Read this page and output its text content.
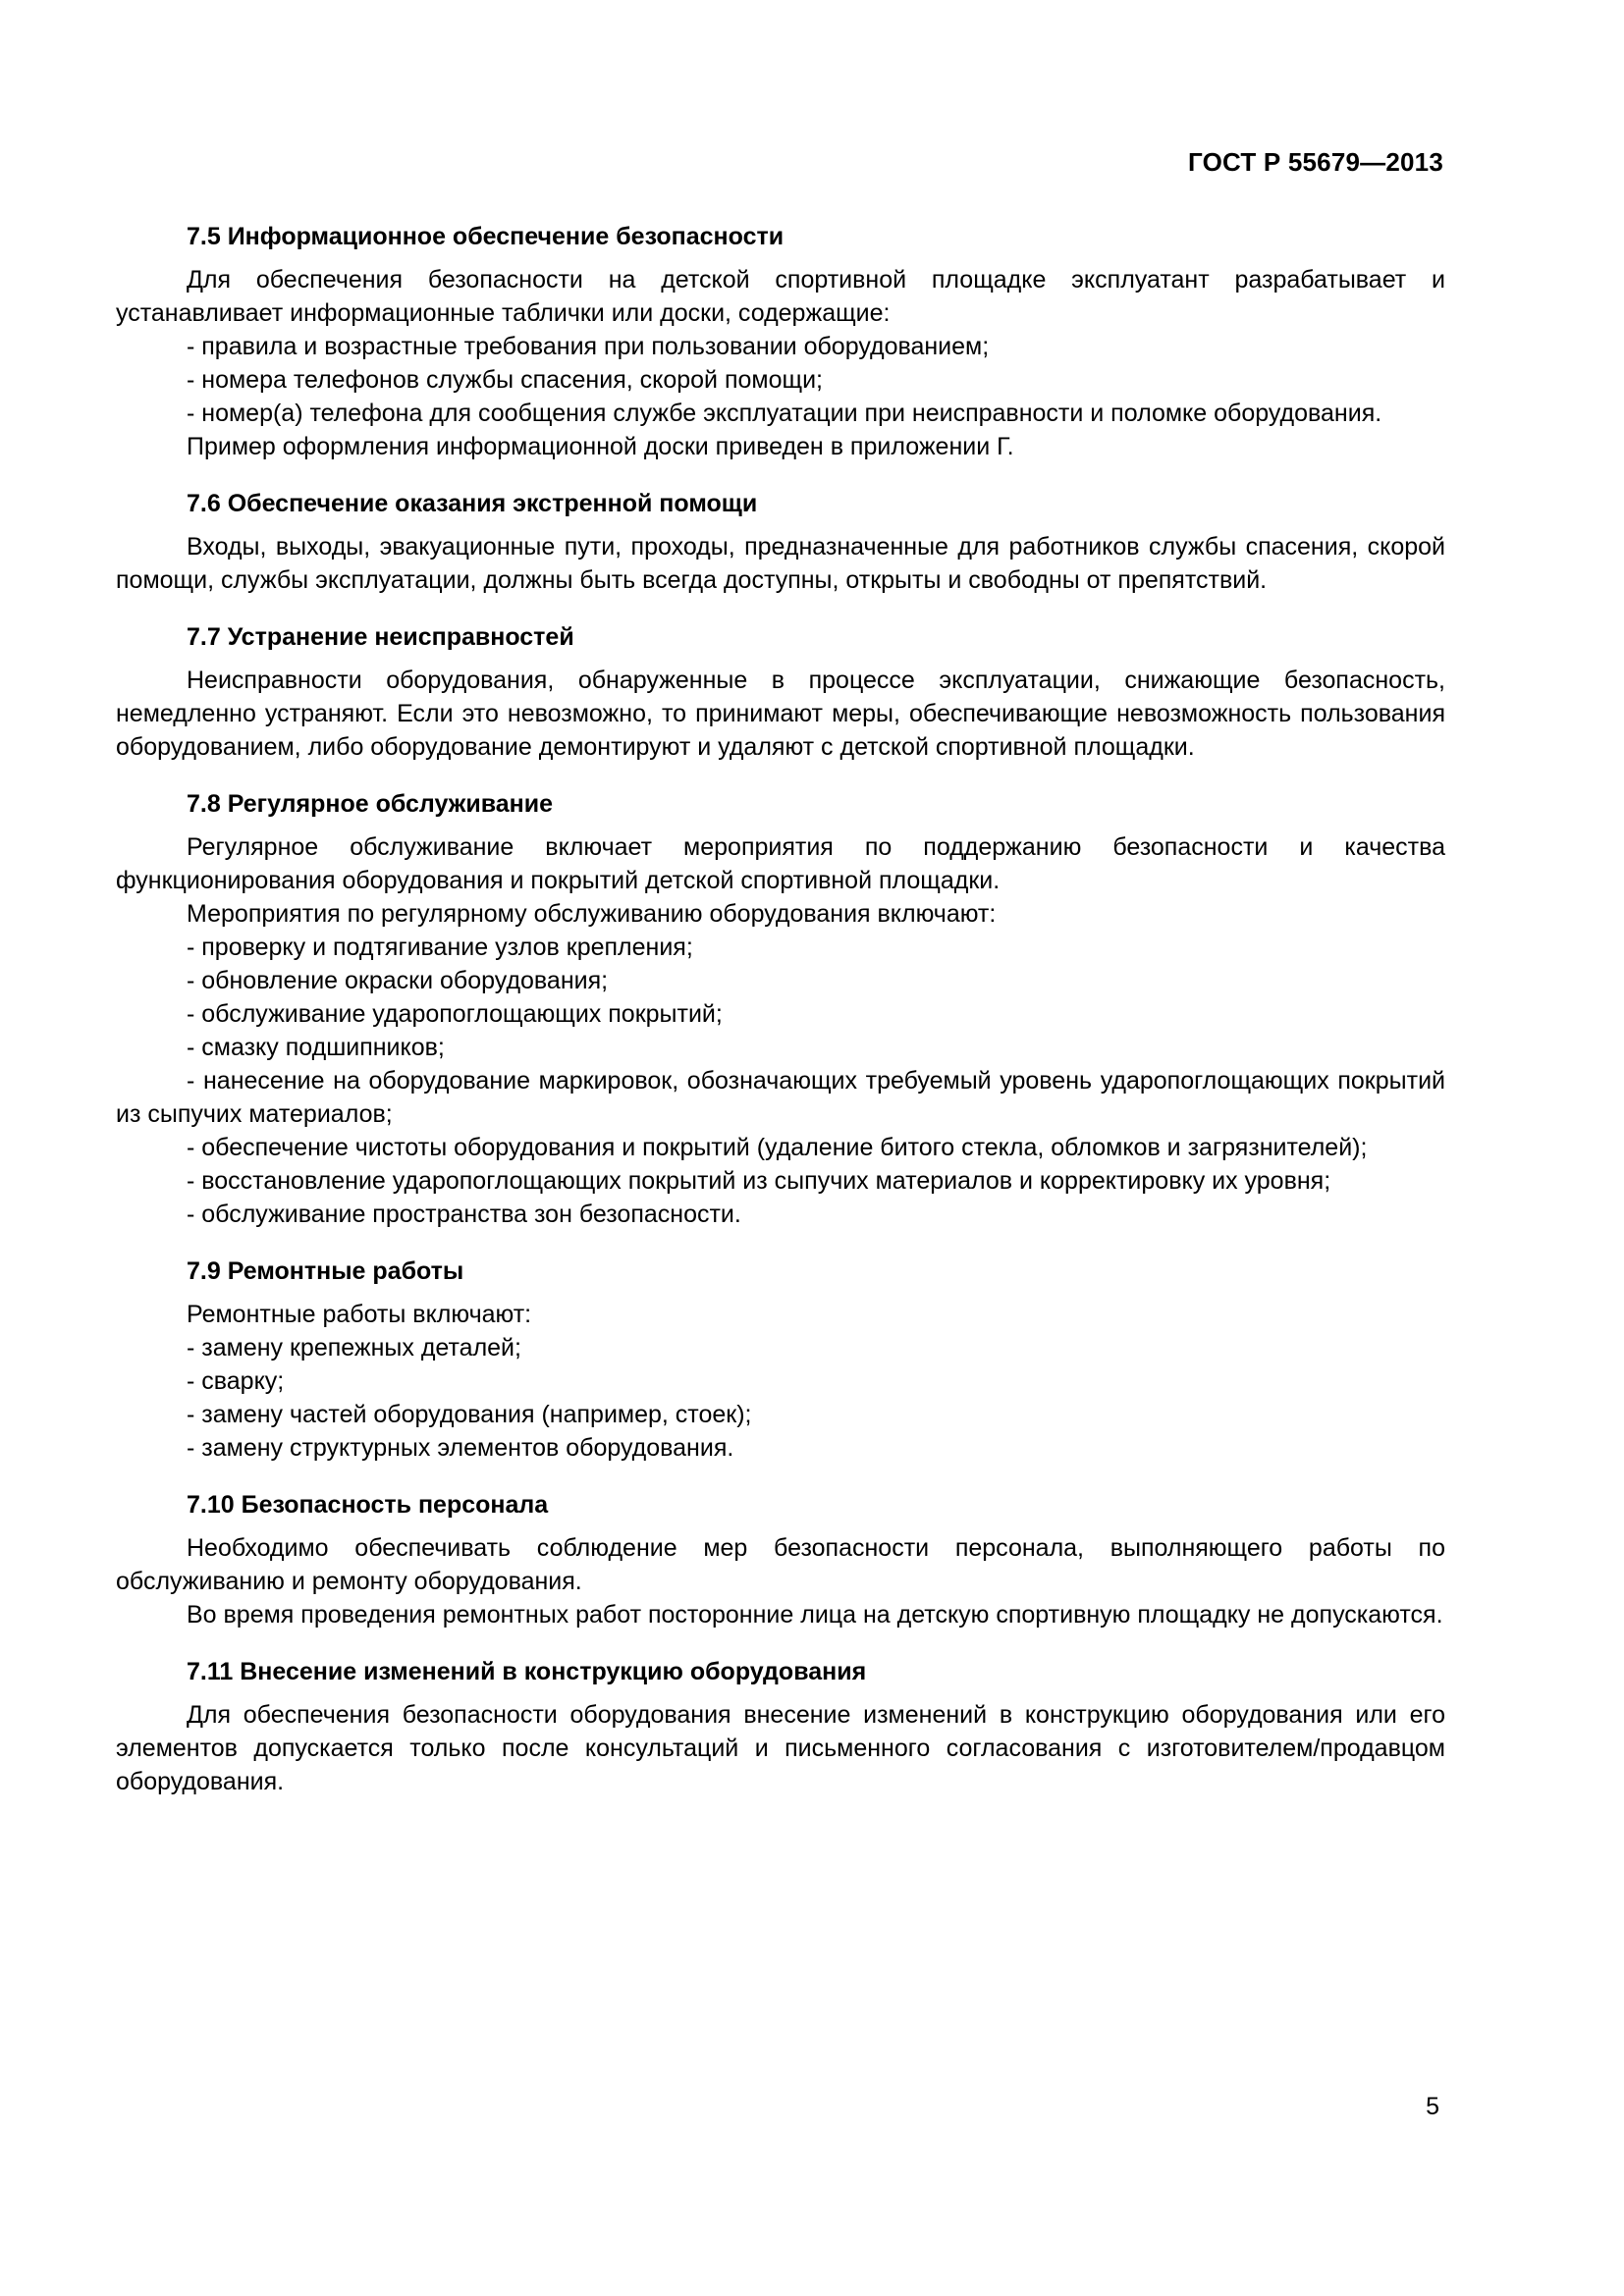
ГОСТ Р 55679—2013
7.5 Информационное обеспечение безопасности

Для обеспечения безопасности на детской спортивной площадке эксплуатант разрабатывает и устанавливает информационные таблички или доски, содержащие:

- правила и возрастные требования при пользовании оборудованием;

- номера телефонов службы спасения, скорой помощи;

- номер(а) телефона для сообщения службе эксплуатации при неисправности и поломке оборудования.

Пример оформления информационной доски приведен в приложении Г.

7.6 Обеспечение оказания экстренной помощи

Входы, выходы, эвакуационные пути, проходы, предназначенные для работников службы спасения, скорой помощи, службы эксплуатации, должны быть всегда доступны, открыты и свободны от препятствий.

7.7 Устранение неисправностей

Неисправности оборудования, обнаруженные в процессе эксплуатации, снижающие безопасность, немедленно устраняют. Если это невозможно, то принимают меры, обеспечивающие невозможность пользования оборудованием, либо оборудование демонтируют и удаляют с детской спортивной площадки.

7.8 Регулярное обслуживание

Регулярное обслуживание включает мероприятия по поддержанию безопасности и качества функционирования оборудования и покрытий детской спортивной площадки.

Мероприятия по регулярному обслуживанию оборудования включают:

- проверку и подтягивание узлов крепления;

- обновление окраски оборудования;

- обслуживание ударопоглощающих покрытий;

- смазку подшипников;

- нанесение на оборудование маркировок, обозначающих требуемый уровень ударопоглощающих покрытий из сыпучих материалов;

- обеспечение чистоты оборудования и покрытий (удаление битого стекла, обломков и загрязнителей);

- восстановление ударопоглощающих покрытий из сыпучих материалов и корректировку их уровня;

- обслуживание пространства зон безопасности.

7.9 Ремонтные работы

Ремонтные работы включают:

- замену крепежных деталей;

- сварку;

- замену частей оборудования (например, стоек);

- замену структурных элементов оборудования.

7.10 Безопасность персонала

Необходимо обеспечивать соблюдение мер безопасности персонала, выполняющего работы по обслуживанию и ремонту оборудования.

Во время проведения ремонтных работ посторонние лица на детскую спортивную площадку не допускаются.

7.11 Внесение изменений в конструкцию оборудования

Для обеспечения безопасности оборудования внесение изменений в конструкцию оборудования или его элементов допускается только после консультаций и письменного согласования с изготовителем/продавцом оборудования.

5
